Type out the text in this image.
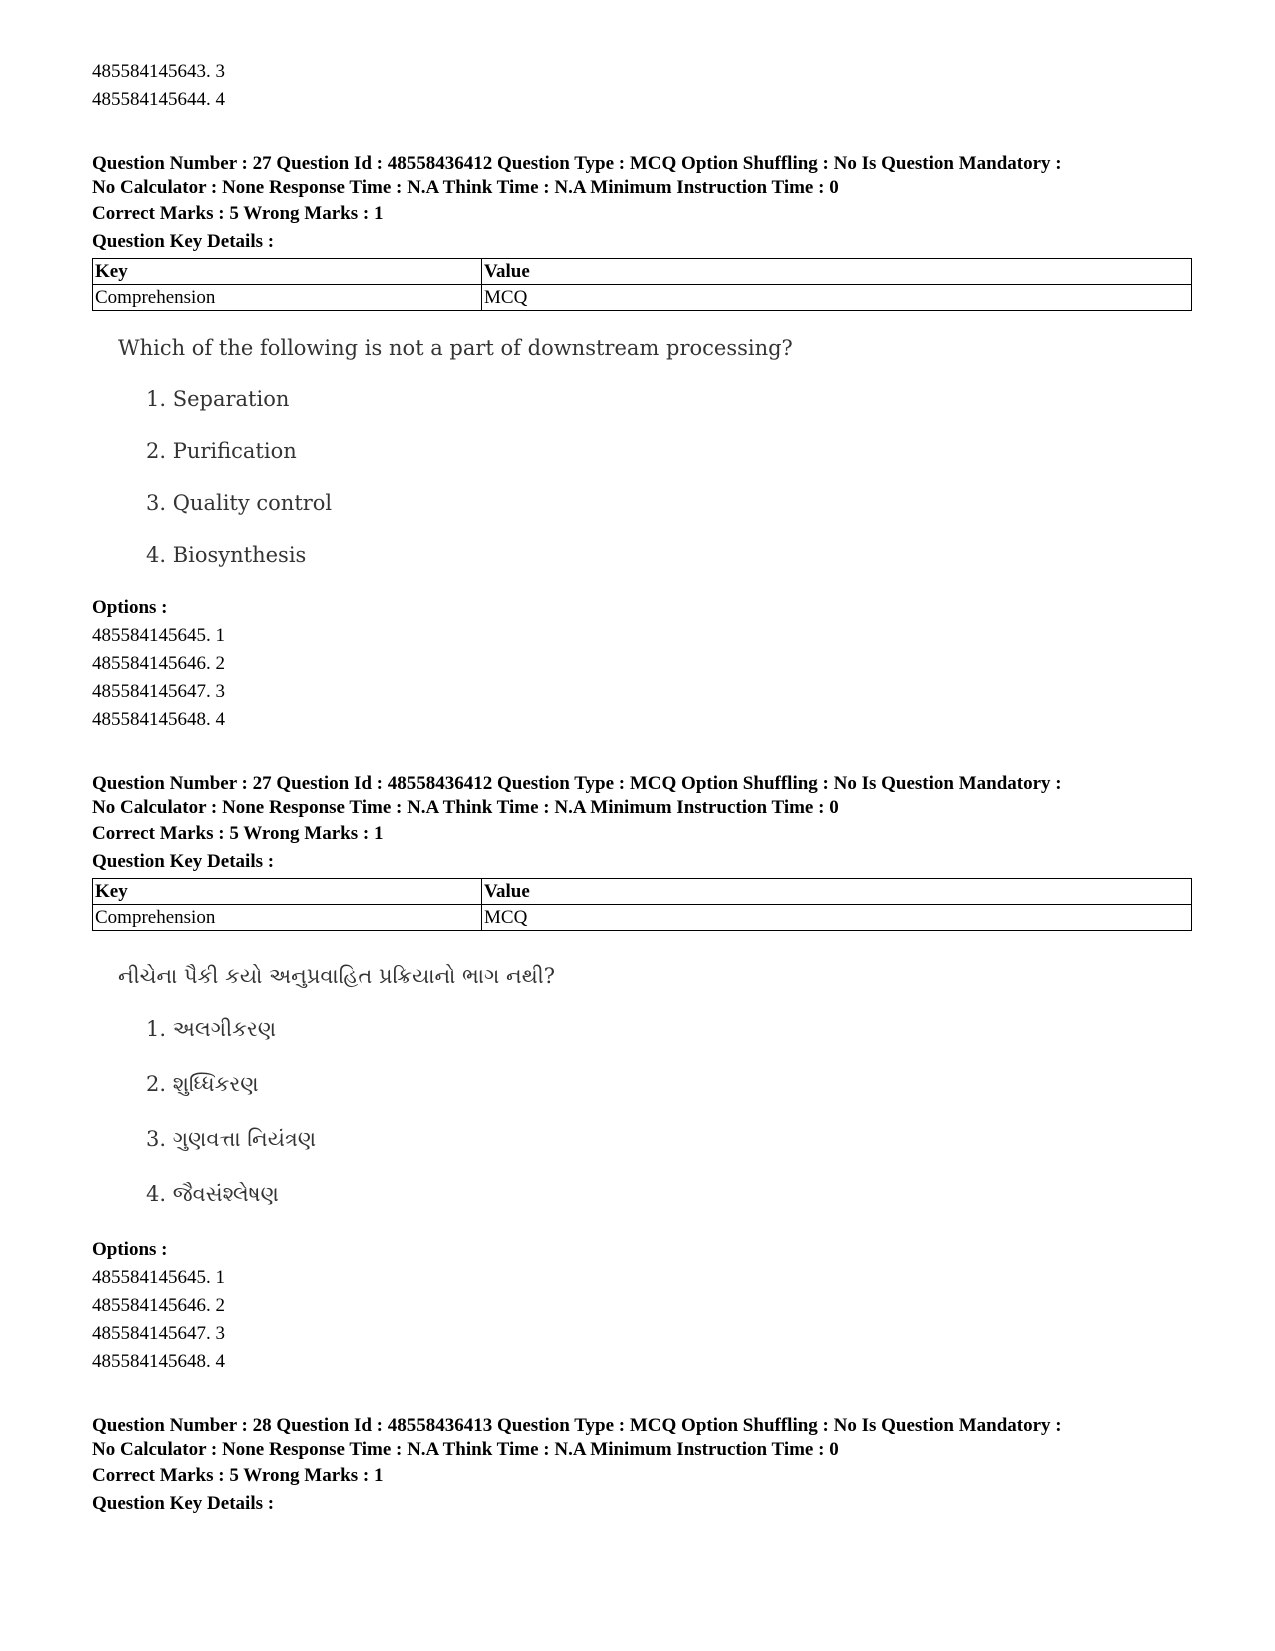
485584145643. 3
485584145644. 4
Question Number : 27 Question Id : 48558436412 Question Type : MCQ Option Shuffling : No Is Question Mandatory :
No Calculator : None Response Time : N.A Think Time : N.A Minimum Instruction Time : 0
Correct Marks : 5 Wrong Marks : 1
Question Key Details :
Key	Value
Comprehension	MCQ
Which of the following is not a part of downstream processing?
1. Separation
2. Purification
3. Quality control
4. Biosynthesis
Options :
485584145645. 1
485584145646. 2
485584145647. 3
485584145648. 4
Question Number : 27 Question Id : 48558436412 Question Type : MCQ Option Shuffling : No Is Question Mandatory :
No Calculator : None Response Time : N.A Think Time : N.A Minimum Instruction Time : 0
Correct Marks : 5 Wrong Marks : 1
Question Key Details :
Key	Value
Comprehension	MCQ
નીચેના પૈકી કયો અનુપ્રવાહિત પ્રક્રિયાનો ભાગ નથી?
1. અલગીકરણ
2. શુધ્ધિકરણ
3. ગુણવત્તા નિયંત્રણ
4. જૈવસંશ્લેષણ
Options :
485584145645. 1
485584145646. 2
485584145647. 3
485584145648. 4
Question Number : 28 Question Id : 48558436413 Question Type : MCQ Option Shuffling : No Is Question Mandatory :
No Calculator : None Response Time : N.A Think Time : N.A Minimum Instruction Time : 0
Correct Marks : 5 Wrong Marks : 1
Question Key Details :
